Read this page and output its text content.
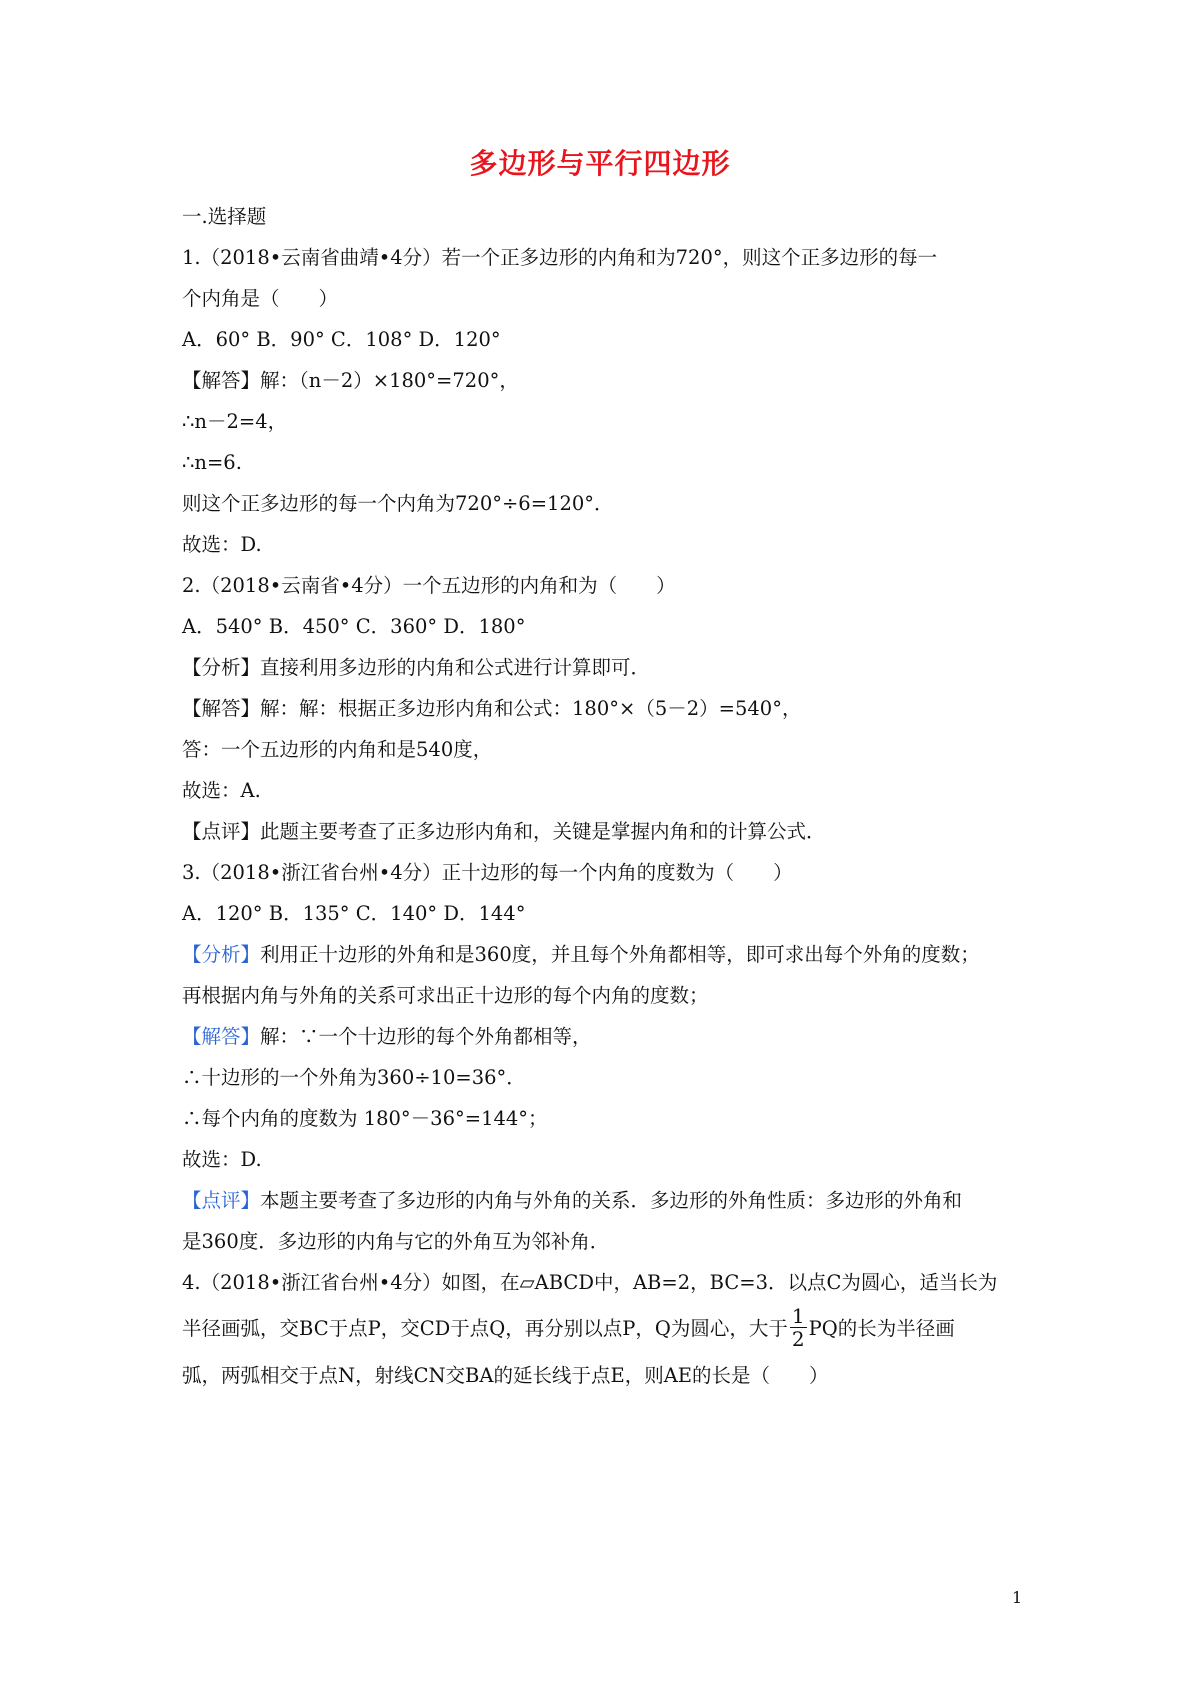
多边形与平行四边形
一.选择题
1.（2018•云南省曲靖•4分）若一个正多边形的内角和为720°，则这个正多边形的每一
个内角是（　　）
A．60° B．90° C．108° D．120°
【解答】解：（n－2）×180°=720°，
∴n－2=4，
∴n=6.
则这个正多边形的每一个内角为720°÷6=120°．
故选：D.
2.（2018•云南省•4分）一个五边形的内角和为（　　）
A．540° B．450° C．360° D．180°
【分析】直接利用多边形的内角和公式进行计算即可．
【解答】解：解：根据正多边形内角和公式：180°×（5－2）=540°，
答：一个五边形的内角和是540度，
故选：A.
【点评】此题主要考查了正多边形内角和，关键是掌握内角和的计算公式．
3.（2018•浙江省台州•4分）正十边形的每一个内角的度数为（　　）
A．120° B．135° C．140° D．144°
【分析】利用正十边形的外角和是360度，并且每个外角都相等，即可求出每个外角的度数；
再根据内角与外角的关系可求出正十边形的每个内角的度数；
【解答】解：∵一个十边形的每个外角都相等，
∴十边形的一个外角为360÷10=36°．
∴每个内角的度数为 180°－36°=144°；
故选：D.
【点评】本题主要考查了多边形的内角与外角的关系．多边形的外角性质：多边形的外角和
是360度．多边形的内角与它的外角互为邻补角．
4.（2018•浙江省台州•4分）如图，在▱ABCD中，AB=2，BC=3．以点C为圆心，适当长为
半径画弧，交BC于点P，交CD于点Q，再分别以点P，Q为圆心，大于 $\frac{1}{2}$ PQ的长为半径画
弧，两弧相交于点N，射线CN交BA的延长线于点E，则AE的长是（　　）
1
